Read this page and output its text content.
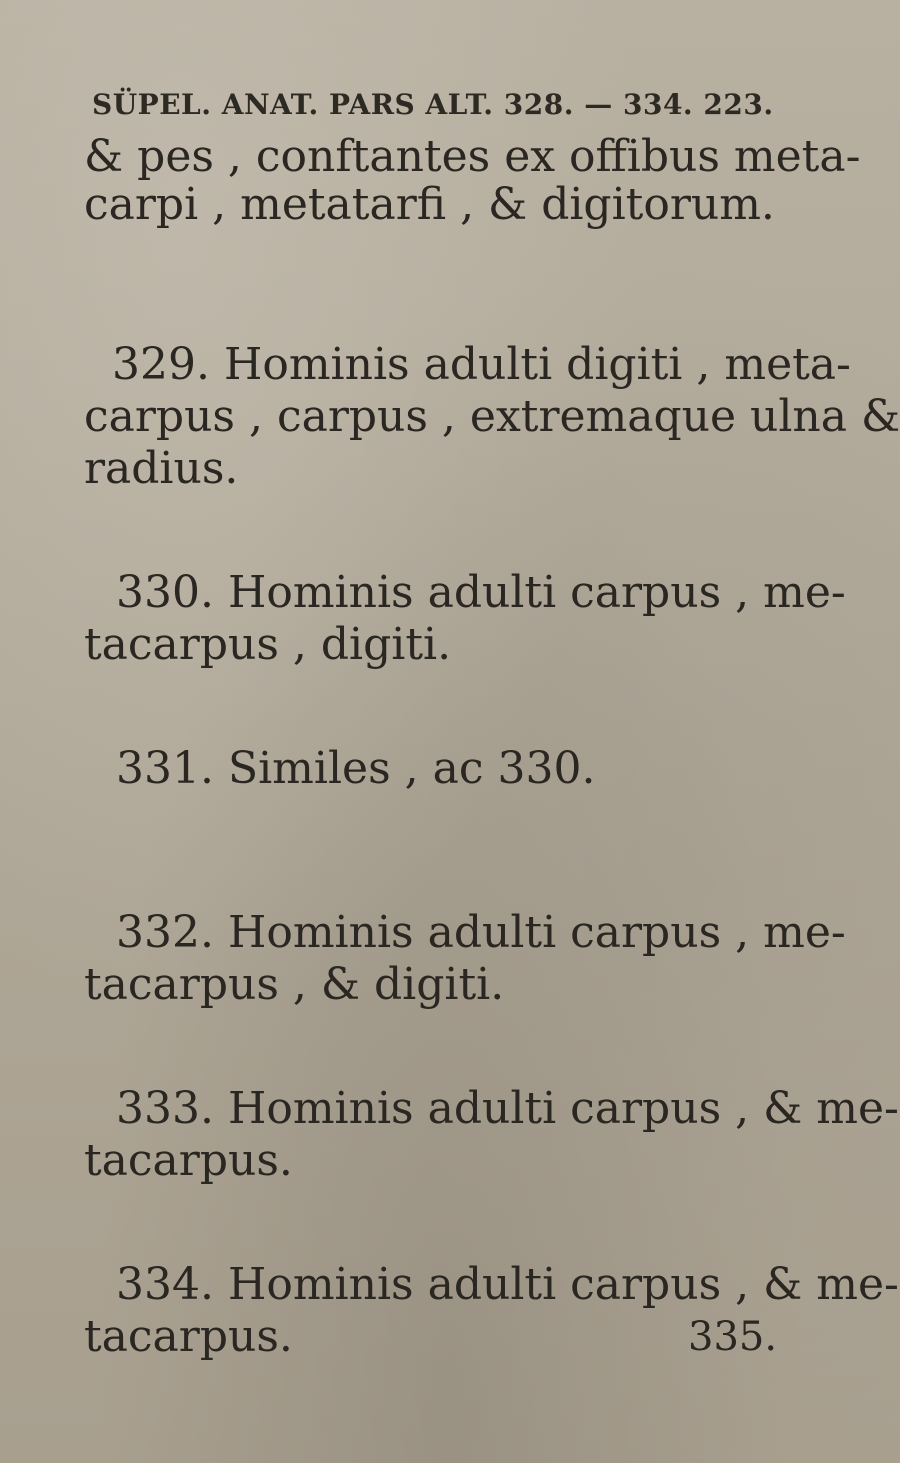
SÜPEL. ANAT. PARS ALT. 328. — 334. 223.
& pes , conftantes ex offibus meta-
carpi , metatarfi , & digitorum.
329. Hominis adulti digiti , meta-
carpus , carpus , extremaque ulna &
radius.
330. Hominis adulti carpus , me-
tacarpus , digiti.
331. Similes , ac 330.
332. Hominis adulti carpus , me-
tacarpus , & digiti.
333. Hominis adulti carpus , & me-
tacarpus.
334. Hominis adulti carpus , & me-
tacarpus.	335.
